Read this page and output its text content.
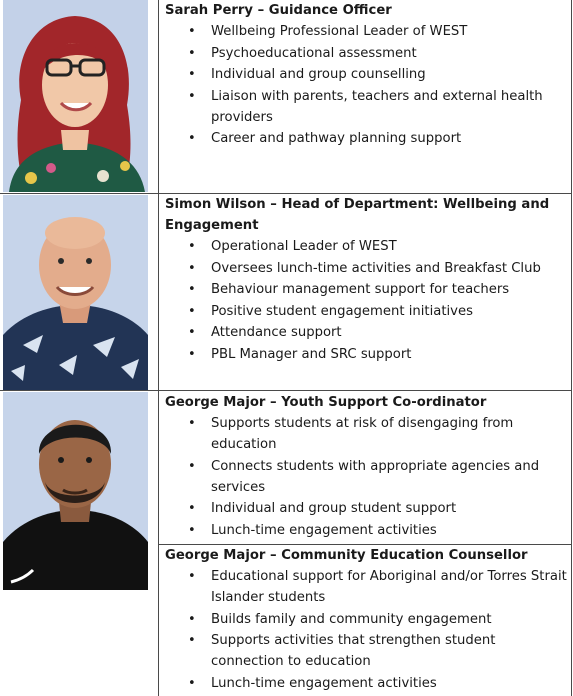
Sarah Perry – Guidance Officer

• Wellbeing Professional Leader of WEST
• Psychoeducational assessment
• Individual and group counselling
• Liaison with parents, teachers and external health providers
• Career and pathway planning support

Simon Wilson – Head of Department: Wellbeing and Engagement

• Operational Leader of WEST
• Oversees lunch-time activities and Breakfast Club
• Behaviour management support for teachers
• Positive student engagement initiatives
• Attendance support
• PBL Manager and SRC support

George Major – Youth Support Co-ordinator

• Supports students at risk of disengaging from education
• Connects students with appropriate agencies and services
• Individual and group student support
• Lunch-time engagement activities

George Major – Community Education Counsellor

• Educational support for Aboriginal and/or Torres Strait Islander students
• Builds family and community engagement
• Supports activities that strengthen student connection to education
• Lunch-time engagement activities
